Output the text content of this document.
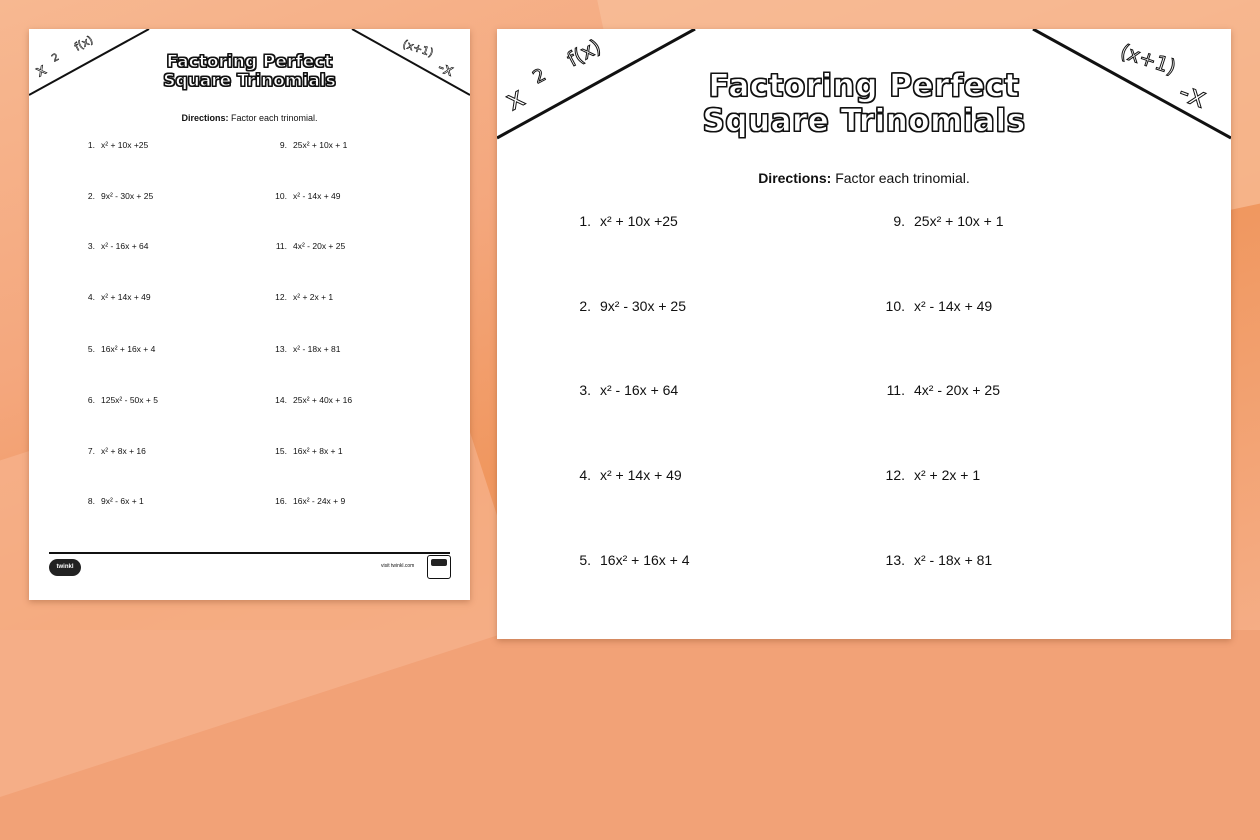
x
2
f(x)	(x+1)
-x
Factoring Perfect
Square Trinomials
Directions: Factor each trinomial.
1. x² + 10x +25
2. 9x² - 30x + 25
3. x² - 16x + 64
4. x² + 14x + 49
5. 16x² + 16x + 4
6. 125x² - 50x + 5
7. x² + 8x + 16
8. 9x² - 6x + 1
9. 25x² + 10x + 1
10. x² - 14x + 49
11. 4x² - 20x + 25
12. x² + 2x + 1
13. x² - 18x + 81
14. 25x² + 40x + 16
15. 16x² + 8x + 1
16. 16x² - 24x + 9
twinkl	visit twinkl.com
x
2
f(x)	(x+1)
-x
Factoring Perfect
Square Trinomials
Directions: Factor each trinomial.
1. x² + 10x +25
2. 9x² - 30x + 25
3. x² - 16x + 64
4. x² + 14x + 49
5. 16x² + 16x + 4
9. 25x² + 10x + 1
10. x² - 14x + 49
11. 4x² - 20x + 25
12. x² + 2x + 1
13. x² - 18x + 81
